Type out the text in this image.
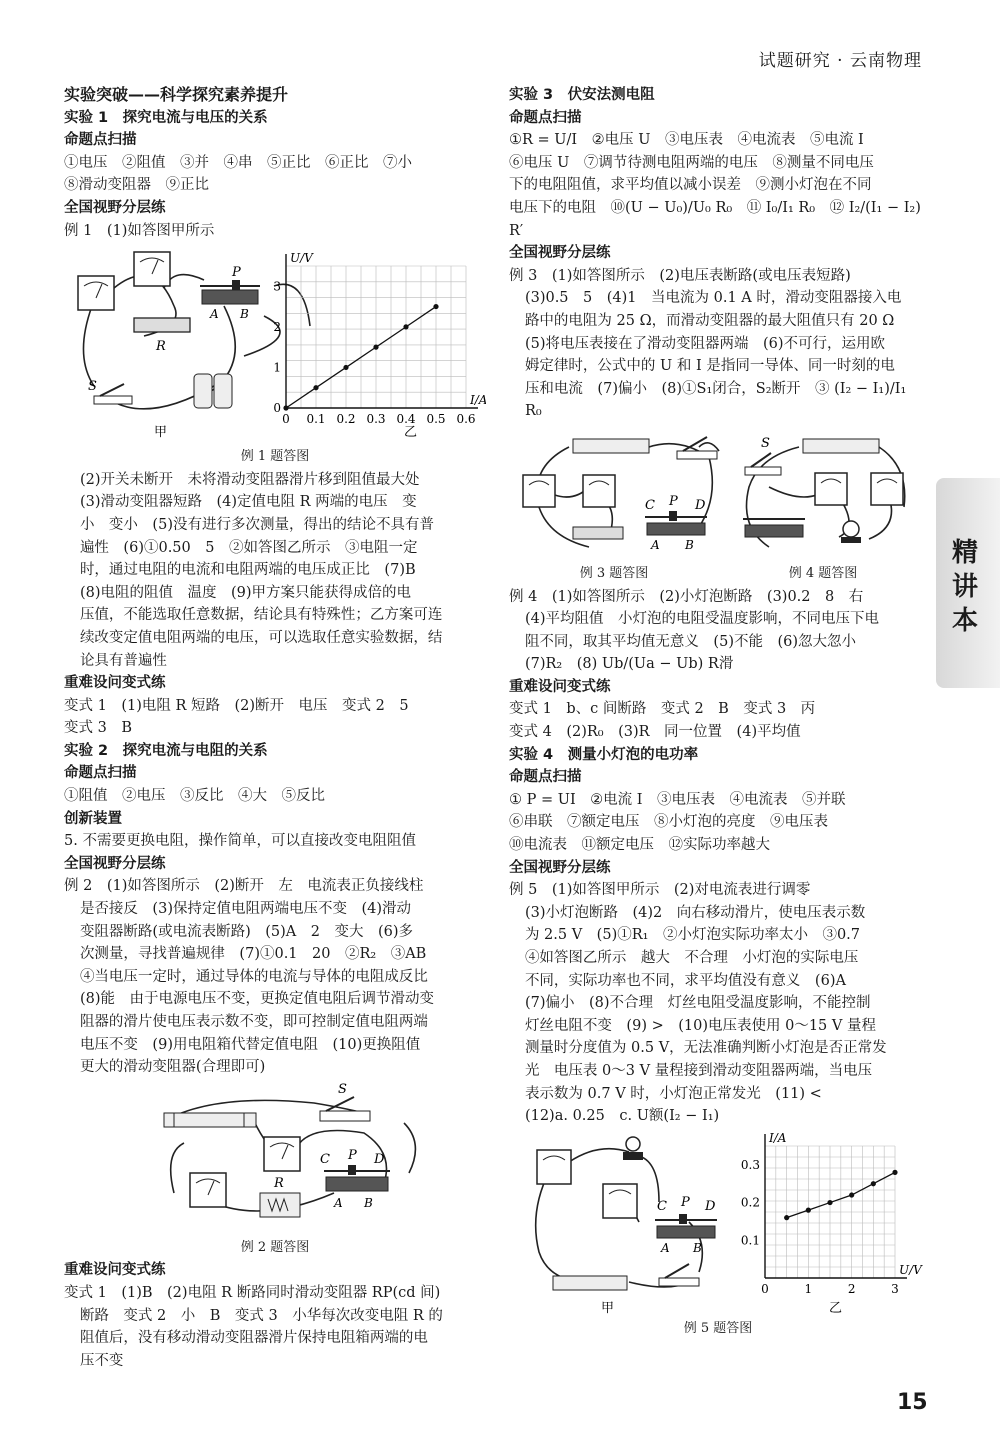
试题研究 · 云南物理
精讲本

实验突破——科学探究素养提升

实验 1　探究电流与电压的关系

命题点扫描

①电压　②阻值　③并　④串　⑤正比　⑥正比　⑦小

⑧滑动变阻器　⑨正比

全国视野分层练

例 1　(1)如答图甲所示

R
P
A B
S
甲
0 0.1 0.2 0.3 0.4 0.5 0.6
0
1
2
3
I/A
U/V
乙

例 1 题答图

(2)开关未断开　未将滑动变阻器滑片移到阻值最大处

(3)滑动变阻器短路　(4)定值电阻 R 两端的电压　变

小　变小　(5)没有进行多次测量，得出的结论不具有普

遍性　(6)①0.50　5　②如答图乙所示　③电阻一定

时，通过电阻的电流和电阻两端的电压成正比　(7)B

(8)电阻的阻值　温度　(9)甲方案只能获得成倍的电

压值，不能选取任意数据，结论具有特殊性；乙方案可连

续改变定值电阻两端的电压，可以选取任意实验数据，结

论具有普遍性

重难设问变式练

变式 1　(1)电阻 R 短路　(2)断开　电压　变式 2　5

变式 3　B

实验 2　探究电流与电阻的关系

命题点扫描

①阻值　②电压　③反比　④大　⑤反比

创新装置

5. 不需要更换电阻，操作简单，可以直接改变电阻阻值

全国视野分层练

例 2　(1)如答图所示　(2)断开　左　电流表正负接线柱

是否接反　(3)保持定值电阻两端电压不变　(4)滑动

变阻器断路(或电流表断路)　(5)A　2　变大　(6)多

次测量，寻找普遍规律　(7)①0.1　20　②R₂　③AB

④当电压一定时，通过导体的电流与导体的电阻成反比

(8)能　由于电源电压不变，更换定值电阻后调节滑动变

阻器的滑片使电压表示数不变，即可控制定值电阻两端

电压不变　(9)用电阻箱代替定值电阻　(10)更换阻值

更大的滑动变阻器(合理即可)

S
R
C P D
A B

例 2 题答图

重难设问变式练

变式 1　(1)B　(2)电阻 R 断路同时滑动变阻器 RP(cd 间)

断路　变式 2　小　B　变式 3　小华每次改变电阻 R 的

阻值后，没有移动滑动变阻器滑片保持电阻箱两端的电

压不变

实验 3　伏安法测电阻

命题点扫描

①R = U/I　②电压 U　③电压表　④电流表　⑤电流 I

⑥电压 U　⑦调节待测电阻两端的电压　⑧测量不同电压

下的电阻阻值，求平均值以减小误差　⑨测小灯泡在不同

电压下的电阻　⑩(U − U₀)/U₀ R₀　⑪ I₀/I₁ R₀　⑫ I₂/(I₁ − I₂) R′

全国视野分层练

例 3　(1)如答图所示　(2)电压表断路(或电压表短路)

(3)0.5　5　(4)1　当电流为 0.1 A 时，滑动变阻器接入电

路中的电阻为 25 Ω，而滑动变阻器的最大阻值只有 20 Ω

(5)将电压表接在了滑动变阻器两端　(6)不可行，运用欧

姆定律时，公式中的 U 和 I 是指同一导体、同一时刻的电

压和电流　(7)偏小　(8)①S₁闭合，S₂断开　③ (I₂ − I₁)/I₁ R₀

C P D
A B
S

例 3 题答图	例 4 题答图

例 4　(1)如答图所示　(2)小灯泡断路　(3)0.2　8　右

(4)平均阻值　小灯泡的电阻受温度影响，不同电压下电

阻不同，取其平均值无意义　(5)不能　(6)忽大忽小

(7)R₂　(8) Ub/(Ua − Ub) R滑

重难设问变式练

变式 1　b、c 间断路　变式 2　B　变式 3　丙

变式 4　(2)R₀　(3)R　同一位置　(4)平均值

实验 4　测量小灯泡的电功率

命题点扫描

① P = UI　②电流 I　③电压表　④电流表　⑤并联

⑥串联　⑦额定电压　⑧小灯泡的亮度　⑨电压表

⑩电流表　⑪额定电压　⑫实际功率越大

全国视野分层练

例 5　(1)如答图甲所示　(2)对电流表进行调零

(3)小灯泡断路　(4)2　向右移动滑片，使电压表示数

为 2.5 V　(5)①R₁　②小灯泡实际功率太小　③0.7

④如答图乙所示　越大　不合理　小灯泡的实际电压

不同，实际功率也不同，求平均值没有意义　(6)A

(7)偏小　(8)不合理　灯丝电阻受温度影响，不能控制

灯丝电阻不变　(9) >　(10)电压表使用 0～15 V 量程

测量时分度值为 0.5 V，无法准确判断小灯泡是否正常发

光　电压表 0～3 V 量程接到滑动变阻器两端，当电压

表示数为 0.7 V 时，小灯泡正常发光　(11) <

(12)a. 0.25　c. U额(I₂ − I₁)

C P D
A B
甲
0	1	2	3
0.1
0.2
0.3
U/V
I/A
乙

例 5 题答图

15
